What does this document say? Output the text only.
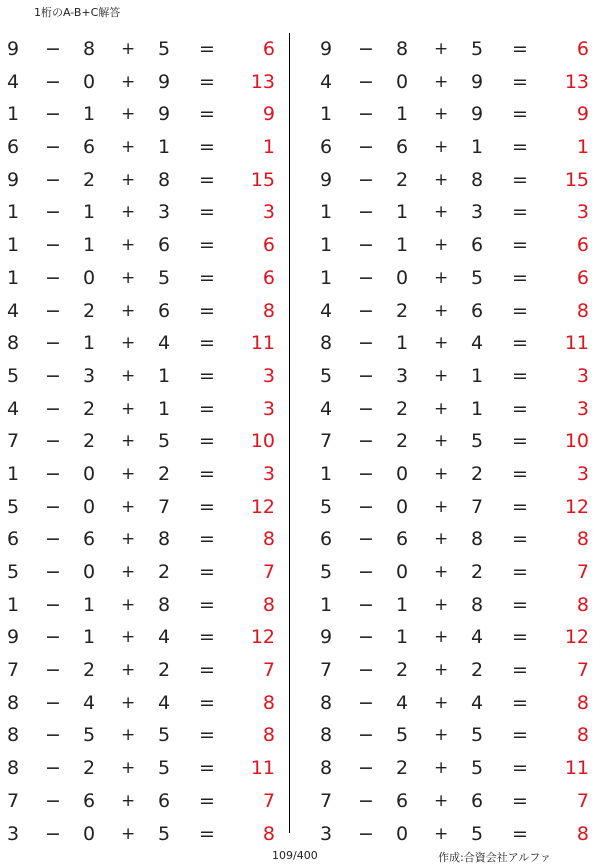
1桁のA-B+C解答
9 − 8 + 5 =	6
4 − 0 + 9 = 13
1 − 1 + 9 =	9
6 − 6 + 1 =	1
9 − 2 + 8 = 15
1 − 1 + 3 =	3
1 − 1 + 6 =	6
1 − 0 + 5 =	6
4 − 2 + 6 =	8
8 − 1 + 4 = 11
5 − 3 + 1 =	3
4 − 2 + 1 =	3
7 − 2 + 5 = 10
1 − 0 + 2 =	3
5 − 0 + 7 = 12
6 − 6 + 8 =	8
5 − 0 + 2 =	7
1 − 1 + 8 =	8
9 − 1 + 4 = 12
7 − 2 + 2 =	7
8 − 4 + 4 =	8
8 − 5 + 5 =	8
8 − 2 + 5 = 11
7 − 6 + 6 =	7
3 − 0 + 5 =	8
9 − 8 + 5 =	6
4 − 0 + 9 = 13
1 − 1 + 9 =	9
6 − 6 + 1 =	1
9 − 2 + 8 = 15
1 − 1 + 3 =	3
1 − 1 + 6 =	6
1 − 0 + 5 =	6
4 − 2 + 6 =	8
8 − 1 + 4 = 11
5 − 3 + 1 =	3
4 − 2 + 1 =	3
7 − 2 + 5 = 10
1 − 0 + 2 =	3
5 − 0 + 7 = 12
6 − 6 + 8 =	8
5 − 0 + 2 =	7
1 − 1 + 8 =	8
9 − 1 + 4 = 12
7 − 2 + 2 =	7
8 − 4 + 4 =	8
8 − 5 + 5 =	8
8 − 2 + 5 = 11
7 − 6 + 6 =	7
3 − 0 + 5 =	8
109/400	作成:合資会社アルファ
